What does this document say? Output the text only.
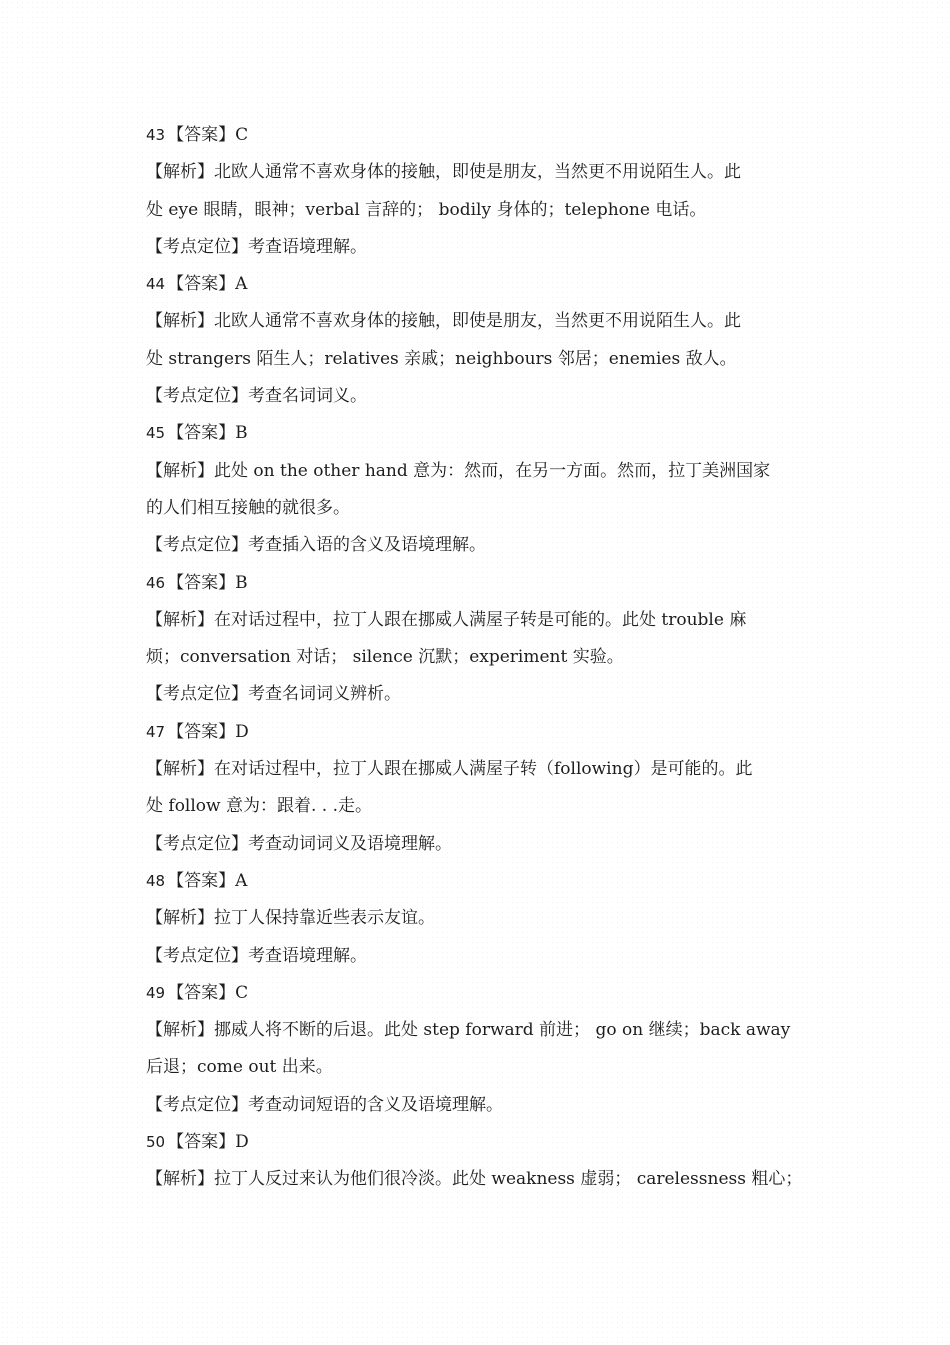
43 【答案】C
【解析】北欧人通常不喜欢身体的接触，即使是朋友，当然更不用说陌生人。此
处 eye 眼睛，眼神；verbal 言辞的； bodily 身体的；telephone 电话。
【考点定位】考查语境理解。
44 【答案】A
【解析】北欧人通常不喜欢身体的接触，即使是朋友，当然更不用说陌生人。此
处 strangers 陌生人；relatives 亲戚；neighbours 邻居；enemies 敌人。
【考点定位】考查名词词义。
45 【答案】B
【解析】此处 on the other hand 意为：然而，在另一方面。然而，拉丁美洲国家
的人们相互接触的就很多。
【考点定位】考查插入语的含义及语境理解。
46 【答案】B
【解析】在对话过程中，拉丁人跟在挪威人满屋子转是可能的。此处 trouble 麻
烦；conversation 对话； silence 沉默；experiment 实验。
【考点定位】考查名词词义辨析。
47 【答案】D
【解析】在对话过程中，拉丁人跟在挪威人满屋子转（following）是可能的。此
处 follow 意为：跟着. . .走。
【考点定位】考查动词词义及语境理解。
48 【答案】A
【解析】拉丁人保持靠近些表示友谊。
【考点定位】考查语境理解。
49 【答案】C
【解析】挪威人将不断的后退。此处 step forward 前进； go on 继续；back away
后退；come out 出来。
【考点定位】考查动词短语的含义及语境理解。
50 【答案】D
【解析】拉丁人反过来认为他们很冷淡。此处 weakness 虚弱； carelessness 粗心；
